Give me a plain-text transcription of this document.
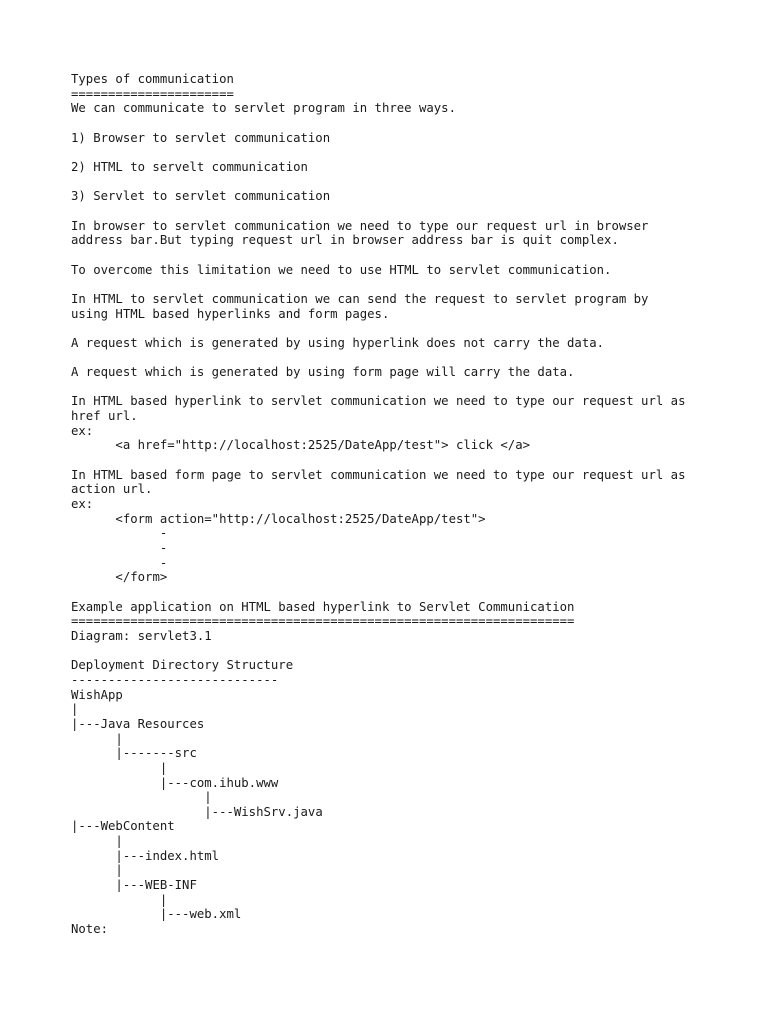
Types of communication
======================
We can communicate to servlet program in three ways.

1) Browser to servlet communication

2) HTML to servelt communication

3) Servlet to servlet communication

In browser to servlet communication we need to type our request url in browser
address bar.But typing request url in browser address bar is quit complex.

To overcome this limitation we need to use HTML to servlet communication.

In HTML to servlet communication we can send the request to servlet program by
using HTML based hyperlinks and form pages.

A request which is generated by using hyperlink does not carry the data.

A request which is generated by using form page will carry the data.

In HTML based hyperlink to servlet communication we need to type our request url as
href url.
ex:
	<a href="http://localhost:2525/DateApp/test"> click </a>

In HTML based form page to servlet communication we need to type our request url as
action url.
ex:
	<form action="http://localhost:2525/DateApp/test">
		-
		-
		-
	</form>

Example application on HTML based hyperlink to Servlet Communication
====================================================================
Diagram: servlet3.1

Deployment Directory Structure
----------------------------
WishApp
|
|---Java Resources
	|
	|-------src
		|
		|---com.ihub.www
			|
			|---WishSrv.java
|---WebContent
	|
	|---index.html
	|
	|---WEB-INF
		|
		|---web.xml
Note:
